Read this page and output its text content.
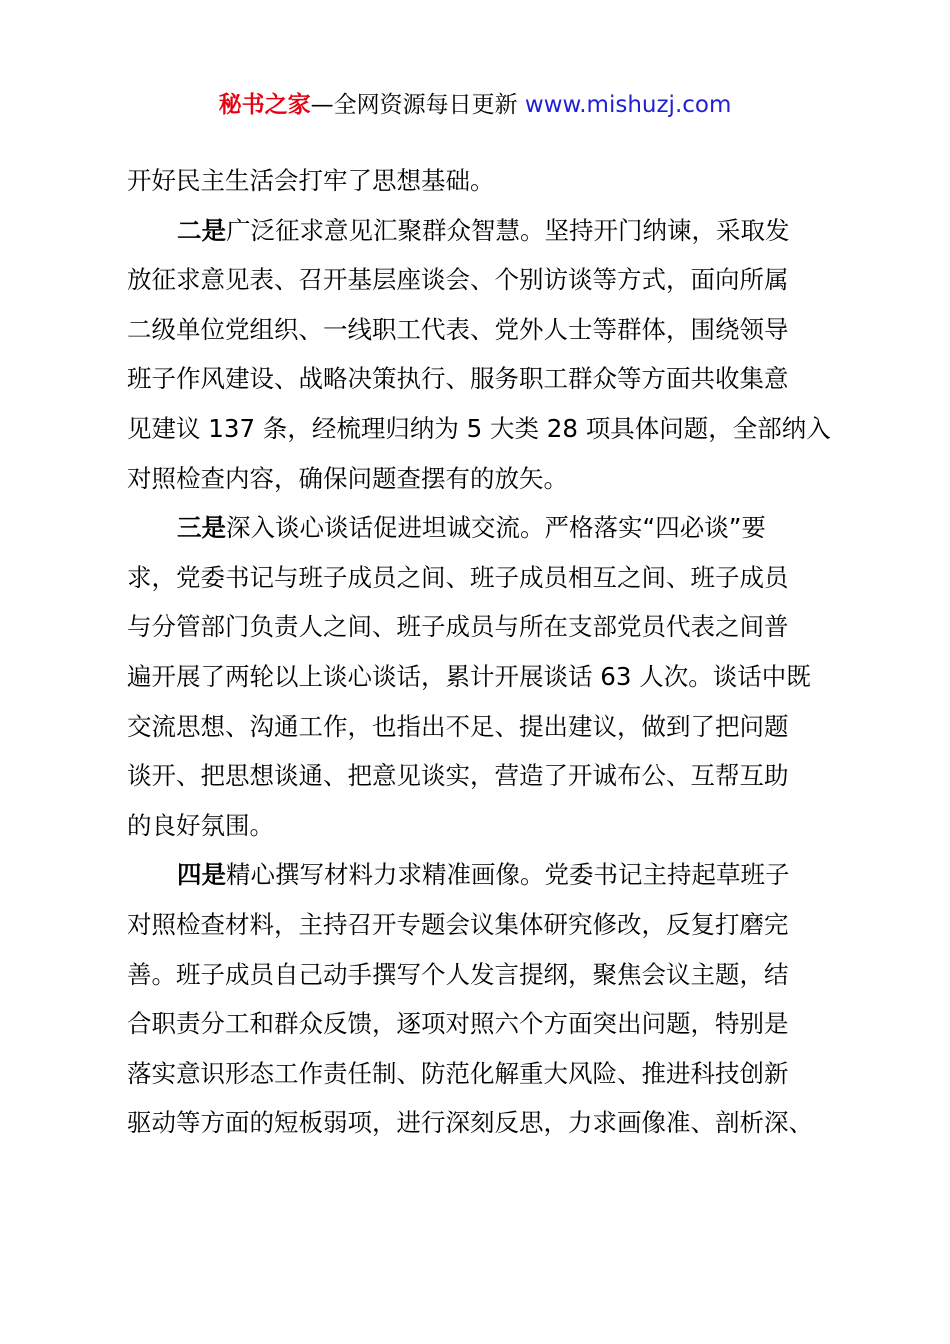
秘书之家—全网资源每日更新 www.mishuzj.com
开好民主生活会打牢了思想基础。
二是广泛征求意见汇聚群众智慧。坚持开门纳谏，采取发
放征求意见表、召开基层座谈会、个别访谈等方式，面向所属
二级单位党组织、一线职工代表、党外人士等群体，围绕领导
班子作风建设、战略决策执行、服务职工群众等方面共收集意
见建议 137 条，经梳理归纳为 5 大类 28 项具体问题，全部纳入
对照检查内容，确保问题查摆有的放矢。
三是深入谈心谈话促进坦诚交流。严格落实“四必谈”要
求，党委书记与班子成员之间、班子成员相互之间、班子成员
与分管部门负责人之间、班子成员与所在支部党员代表之间普
遍开展了两轮以上谈心谈话，累计开展谈话 63 人次。谈话中既
交流思想、沟通工作，也指出不足、提出建议，做到了把问题
谈开、把思想谈通、把意见谈实，营造了开诚布公、互帮互助
的良好氛围。
四是精心撰写材料力求精准画像。党委书记主持起草班子
对照检查材料，主持召开专题会议集体研究修改，反复打磨完
善。班子成员自己动手撰写个人发言提纲，聚焦会议主题，结
合职责分工和群众反馈，逐项对照六个方面突出问题，特别是
落实意识形态工作责任制、防范化解重大风险、推进科技创新
驱动等方面的短板弱项，进行深刻反思，力求画像准、剖析深、
